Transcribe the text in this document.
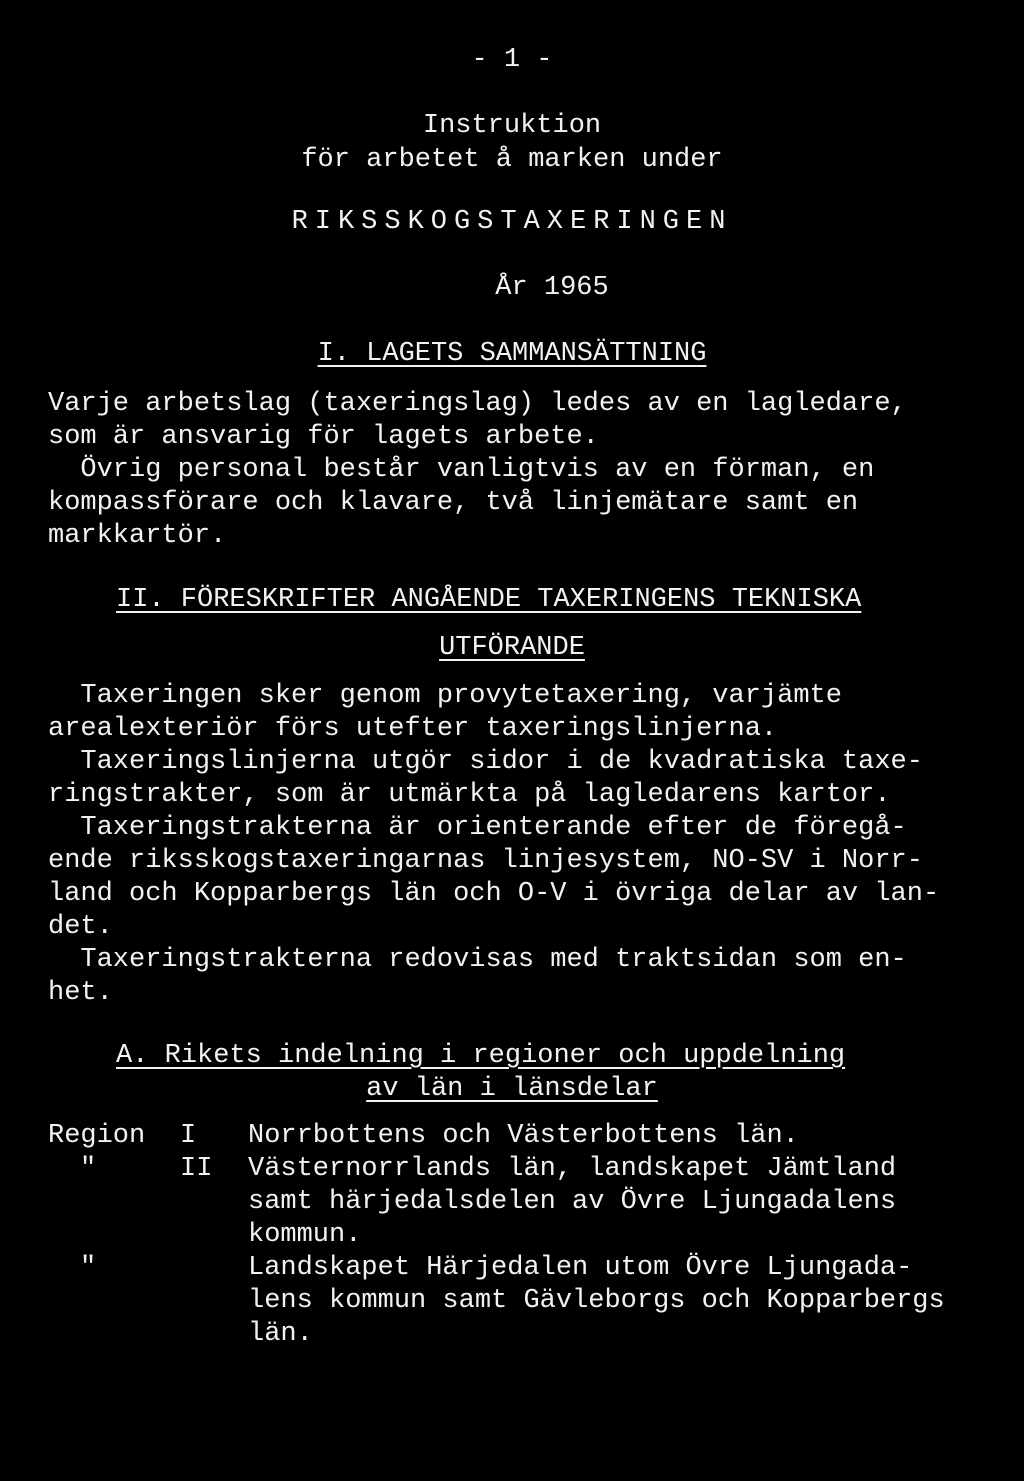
- 1 -
Instruktion
för arbetet å marken under
RIKSSKOGSTAXERINGEN
År 1965
I. LAGETS SAMMANSÄTTNING
Varje arbetslag (taxeringslag) ledes av en lagledare,
som är ansvarig för lagets arbete.
Övrig personal består vanligtvis av en förman, en
kompassförare och klavare, två linjemätare samt en
markkartör.
II. FÖRESKRIFTER ANGÅENDE TAXERINGENS TEKNISKA
UTFÖRANDE
Taxeringen sker genom provytetaxering, varjämte
arealexteriör förs utefter taxeringslinjerna.
Taxeringslinjerna utgör sidor i de kvadratiska taxe-
ringstrakter, som är utmärkta på lagledarens kartor.
Taxeringstrakterna är orienterande efter de föregå-
ende riksskogstaxeringarnas linjesystem, NO-SV i Norr-
land och Kopparbergs län och O-V i övriga delar av lan-
det.
Taxeringstrakterna redovisas med traktsidan som en-
het.
A. Rikets indelning i regioner och uppdelning
av län i länsdelar
Region I Norrbottens och Västerbottens län.
"	II Västernorrlands län, landskapet Jämtland
samt härjedalsdelen av Övre Ljungadalens
kommun.
"	Landskapet Härjedalen utom Övre Ljungada-
lens kommun samt Gävleborgs och Kopparbergs
län.
